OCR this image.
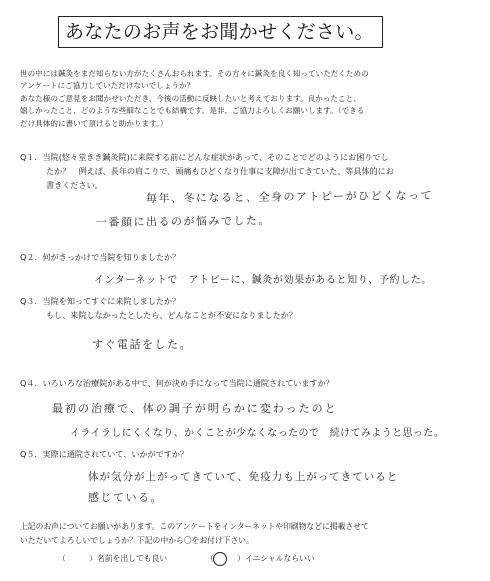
あなたのお声をお聞かせください。
世の中には鍼灸をまだ知らない方がたくさんおられます。その方々に鍼灸を良く知っていただくための
アンケートにご協力していただけないでしょうか？
あなた様のご意見をお聞かせいただき、今後の活動に反映したいと考えております。良かったこと、
嬉しかったこと、どのような些細なことでも結構です。是非、ご協力よろしくお願いします。（できる
だけ具体的に書いて頂けると助かります。）
Q１．当院(悠々堂きき鍼灸院)に来院する前にどんな症状があって、そのことでどのようにお困りでし
たか？　例えば、長年の肩こりで、頭痛もひどくなり仕事に支障が出てきていた、等具体的にお
書きください。
毎年、冬になると、全身のアトピーがひどくなって
一番顔に出るのが悩みでした。
Q２．何がきっかけで当院を知りましたか？
インターネットで　アトピーに、鍼灸が効果があると知り、予約した。
Q３．当院を知ってすぐに来院しましたか？
もし、来院しなかったとしたら、どんなことが不安になりましたか？
すぐ電話をした。
Q４．いろいろな治療院がある中で、何が決め手になって当院に通院されていますか？
最初の治療で、体の調子が明らかに変わったのと
イライラしにくくなり、かくことが少なくなったので　続けてみようと思った。
Q５．実際に通院されていて、いかがですか？
体が気分が上がってきていて、免疫力も上がってきていると
感じている。
上記のお声についてお願いがあります。このアンケートをインターネットや印刷物などに掲載させて
いただいてよろしいでしょうか？下記の中から〇をお付け下さい。
（　　　）名前を出しても良い	（　　　）イニシャルならいい
